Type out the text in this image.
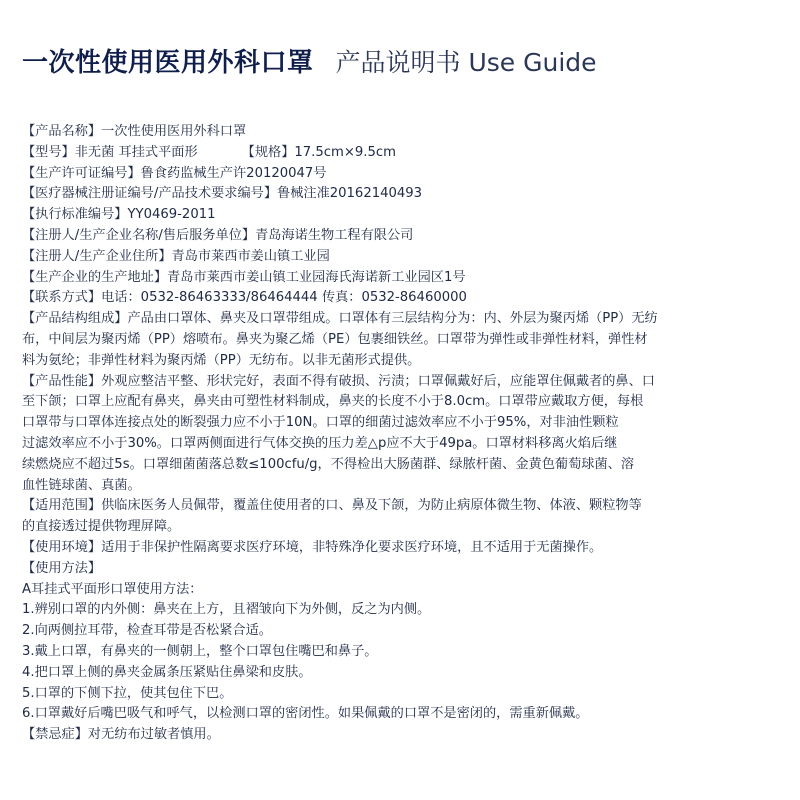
一次性使用医用外科口罩 产品说明书 Use Guide
【产品名称】一次性使用医用外科口罩
【型号】非无菌 耳挂式平面形	【规格】17.5cm×9.5cm
【生产许可证编号】鲁食药监械生产许20120047号
【医疗器械注册证编号/产品技术要求编号】鲁械注准20162140493
【执行标准编号】YY0469-2011
【注册人/生产企业名称/售后服务单位】青岛海诺生物工程有限公司
【注册人/生产企业住所】青岛市莱西市姜山镇工业园
【生产企业的生产地址】青岛市莱西市姜山镇工业园海氏海诺新工业园区1号
【联系方式】电话：0532-86463333/86464444 传真：0532-86460000
【产品结构组成】产品由口罩体、鼻夹及口罩带组成。口罩体有三层结构分为：内、外层为聚丙烯（PP）无纺
布，中间层为聚丙烯（PP）熔喷布。鼻夹为聚乙烯（PE）包裹细铁丝。口罩带为弹性或非弹性材料，弹性材
料为氨纶；非弹性材料为聚丙烯（PP）无纺布。以非无菌形式提供。
【产品性能】外观应整洁平整、形状完好，表面不得有破损、污渍；口罩佩戴好后，应能罩住佩戴者的鼻、口
至下颌；口罩上应配有鼻夹，鼻夹由可塑性材料制成，鼻夹的长度不小于8.0cm。口罩带应戴取方便，每根
口罩带与口罩体连接点处的断裂强力应不小于10N。口罩的细菌过滤效率应不小于95%，对非油性颗粒
过滤效率应不小于30%。口罩两侧面进行气体交换的压力差△p应不大于49pa。口罩材料移离火焰后继
续燃烧应不超过5s。口罩细菌菌落总数≤100cfu/g，不得检出大肠菌群、绿脓杆菌、金黄色葡萄球菌、溶
血性链球菌、真菌。
【适用范围】供临床医务人员佩带，覆盖住使用者的口、鼻及下颌，为防止病原体微生物、体液、颗粒物等
的直接透过提供物理屏障。
【使用环境】适用于非保护性隔离要求医疗环境，非特殊净化要求医疗环境，且不适用于无菌操作。
【使用方法】
A耳挂式平面形口罩使用方法：
1.辨别口罩的内外侧：鼻夹在上方，且褶皱向下为外侧，反之为内侧。
2.向两侧拉耳带，检查耳带是否松紧合适。
3.戴上口罩，有鼻夹的一侧朝上，整个口罩包住嘴巴和鼻子。
4.把口罩上侧的鼻夹金属条压紧贴住鼻梁和皮肤。
5.口罩的下侧下拉，使其包住下巴。
6.口罩戴好后嘴巴吸气和呼气，以检测口罩的密闭性。如果佩戴的口罩不是密闭的，需重新佩戴。
【禁忌症】对无纺布过敏者慎用。
